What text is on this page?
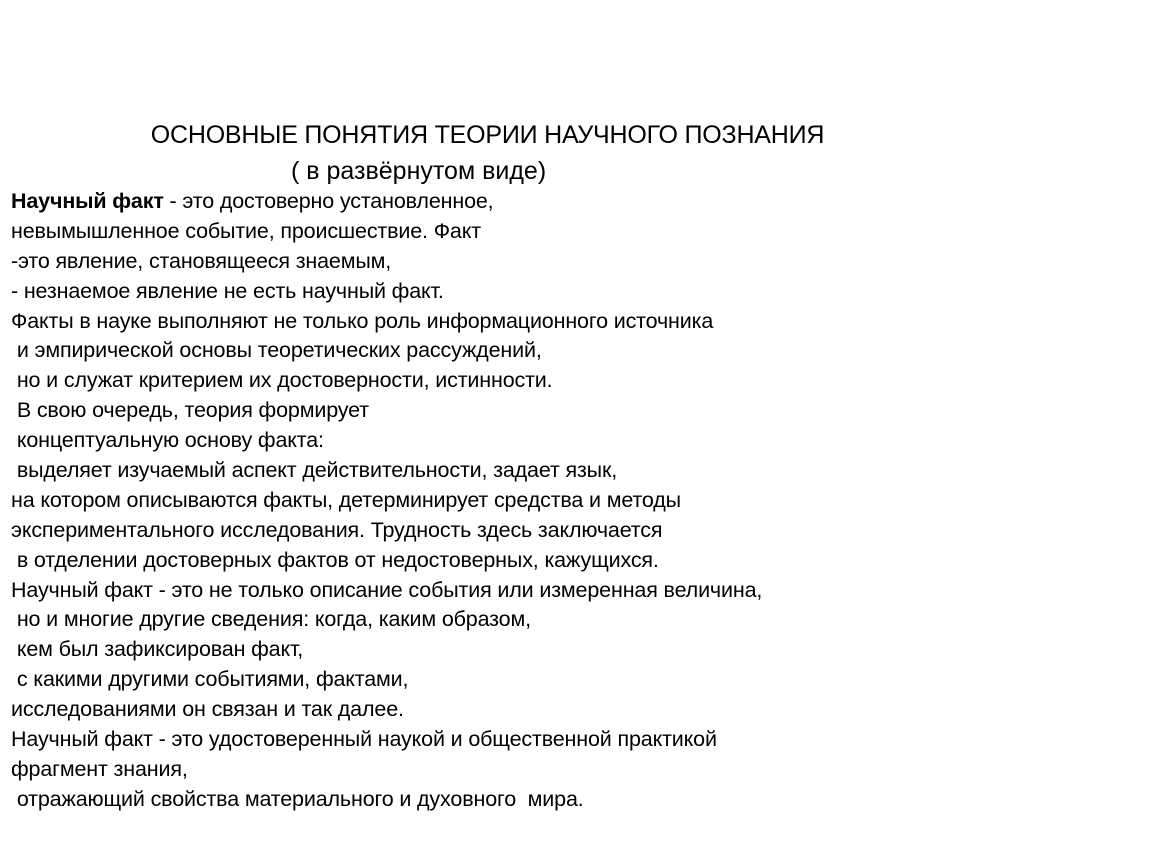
ОСНОВНЫЕ ПОНЯТИЯ ТЕОРИИ НАУЧНОГО ПОЗНАНИЯ
( в развёрнутом виде)
Научный факт - это достоверно установленное,
невымышленное событие, происшествие. Факт
-это явление, становящееся знаемым,
- незнаемое явление не есть научный факт.
Факты в науке выполняют не только роль информационного источника
и эмпирической основы теоретических рассуждений,
но и служат критерием их достоверности, истинности.
В свою очередь, теория формирует
концептуальную основу факта:
выделяет изучаемый аспект действительности, задает язык,
на котором описываются факты, детерминирует средства и методы
экспериментального исследования. Трудность здесь заключается
в отделении достоверных фактов от недостоверных, кажущихся.
Научный факт - это не только описание события или измеренная величина,
но и многие другие сведения: когда, каким образом,
кем был зафиксирован факт,
с какими другими событиями, фактами,
исследованиями он связан и так далее.
Научный факт - это удостоверенный наукой и общественной практикой
фрагмент знания,
отражающий свойства материального и духовного  мира.
